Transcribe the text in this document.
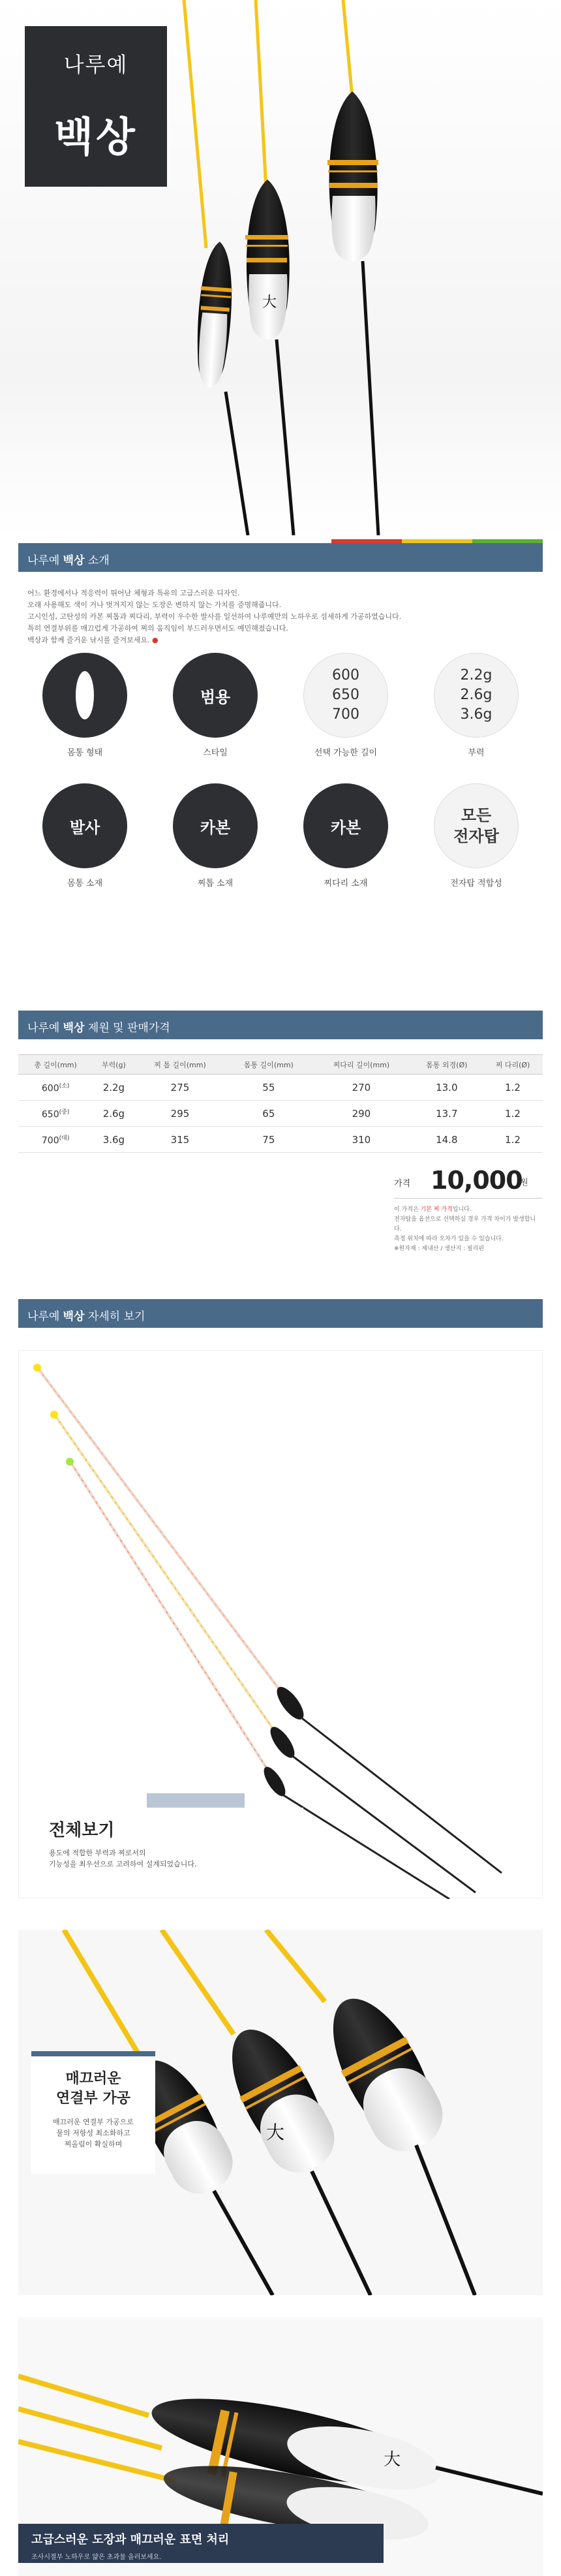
大
나루예
백상
나루예 백상 소개

어느 환경에서나 적응력이 뛰어난 체형과 특유의 고급스러운 디자인.

오래 사용해도 색이 거나 벗겨지지 않는 도장은 변하지 않는 가치를 증명해줍니다.

고시인성, 고탄성의 카본 찌톱과 찌다리, 부력이 우수한 발사를 일선하여 나루예만의 노하우로 섬세하게 가공하였습니다.

특히 연결부위를 매끄럽게 가공하여 찌의 움직임이 부드러우면서도 예민해졌습니다.

백상과 함께 즐거운 낚시를 즐겨보세요. ●

몸통 형태
범용
스타일
600
650
700
선택 가능한 길이
2.2g
2.6g
3.6g
부력
발사
몸통 소재
카본
찌톱 소재
카본
찌다리 소재
모든
전자탑
전자탑 적합성
나루예 백상 제원 및 판매가격
총 길이(mm)	부력(g)	찌 톱 길이(mm)	몸통 길이(mm)	찌다리 길이(mm)	몸통 외경(Ø)	찌 다리(Ø)
$600^{(소)}$	2.2g	275	55	270	13.0	1.2
$650^{(중)}$	2.6g	295	65	290	13.7	1.2
$700^{(대)}$	3.6g	315	75	310	14.8	1.2
가격 10,000
원
이 가격은 기본 찌 가격입니다.
전자탑을 옵션으로 선택하실 경우 가격 차이가 발생합니다.
측정 위치에 따라 오차가 있을 수 있습니다.
※원자재 : 제내산 / 생산지 : 필리핀
나루예 백상 자세히 보기
전체보기
용도에 적합한 부력과 찌로서의
기능성을 최우선으로 고려하여 설계되었습니다.
大
매끄러운
연결부 가공
매끄러운 연결부 가공으로
물의 저항성 최소화하고
찌올림이 확실하며
大
고급스러운 도장과 매끄러운 표면 처리
조사시절부 노하우로 얇은 초과물 을러보세요.
